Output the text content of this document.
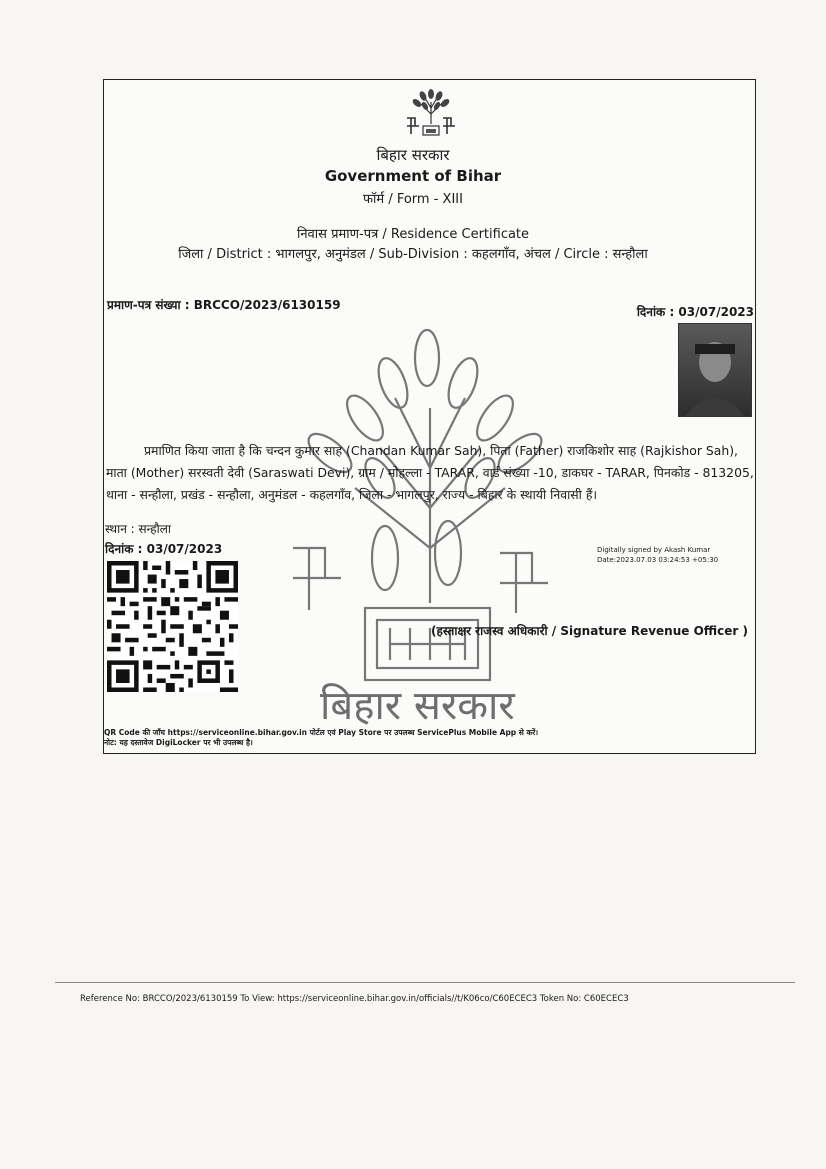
बिहार सरकार
Government of Bihar
फॉर्म / Form - XIII
निवास प्रमाण-पत्र / Residence Certificate
जिला / District : भागलपुर, अनुमंडल / Sub-Division : कहलगाँव, अंचल / Circle : सन्हौला
प्रमाण-पत्र संख्या : BRCCO/2023/6130159	दिनांक : 03/07/2023
बिहार सरकार
प्रमाणित किया जाता है कि चन्दन कुमार साह (Chandan Kumar Sah), पिता (Father) राजकिशोर साह (Rajkishor Sah), माता (Mother) सरस्वती देवी (Saraswati Devi), ग्राम / मोहल्ला - TARAR, वार्ड संख्या -10, डाकघर - TARAR, पिनकोड - 813205, थाना - सन्हौला, प्रखंड - सन्हौला, अनुमंडल - कहलगाँव, जिला - भागलपुर, राज्य - बिहार के स्थायी निवासी हैं।
स्थान : सन्हौला
दिनांक : 03/07/2023	Digitally signed by Akash Kumar
Date:2023.07.03 03:24:53 +05:30
(हस्ताक्षर राजस्व अधिकारी / Signature Revenue Officer )
QR Code की जाँच https://serviceonline.bihar.gov.in पोर्टल एवं Play Store पर उपलब्ध ServicePlus Mobile App से करें।
नोट: यह दस्तावेज DigiLocker पर भी उपलब्ध है।
Reference No: BRCCO/2023/6130159 To View: https://serviceonline.bihar.gov.in/officials//t/K06co/C60ECEC3 Token No: C60ECEC3
